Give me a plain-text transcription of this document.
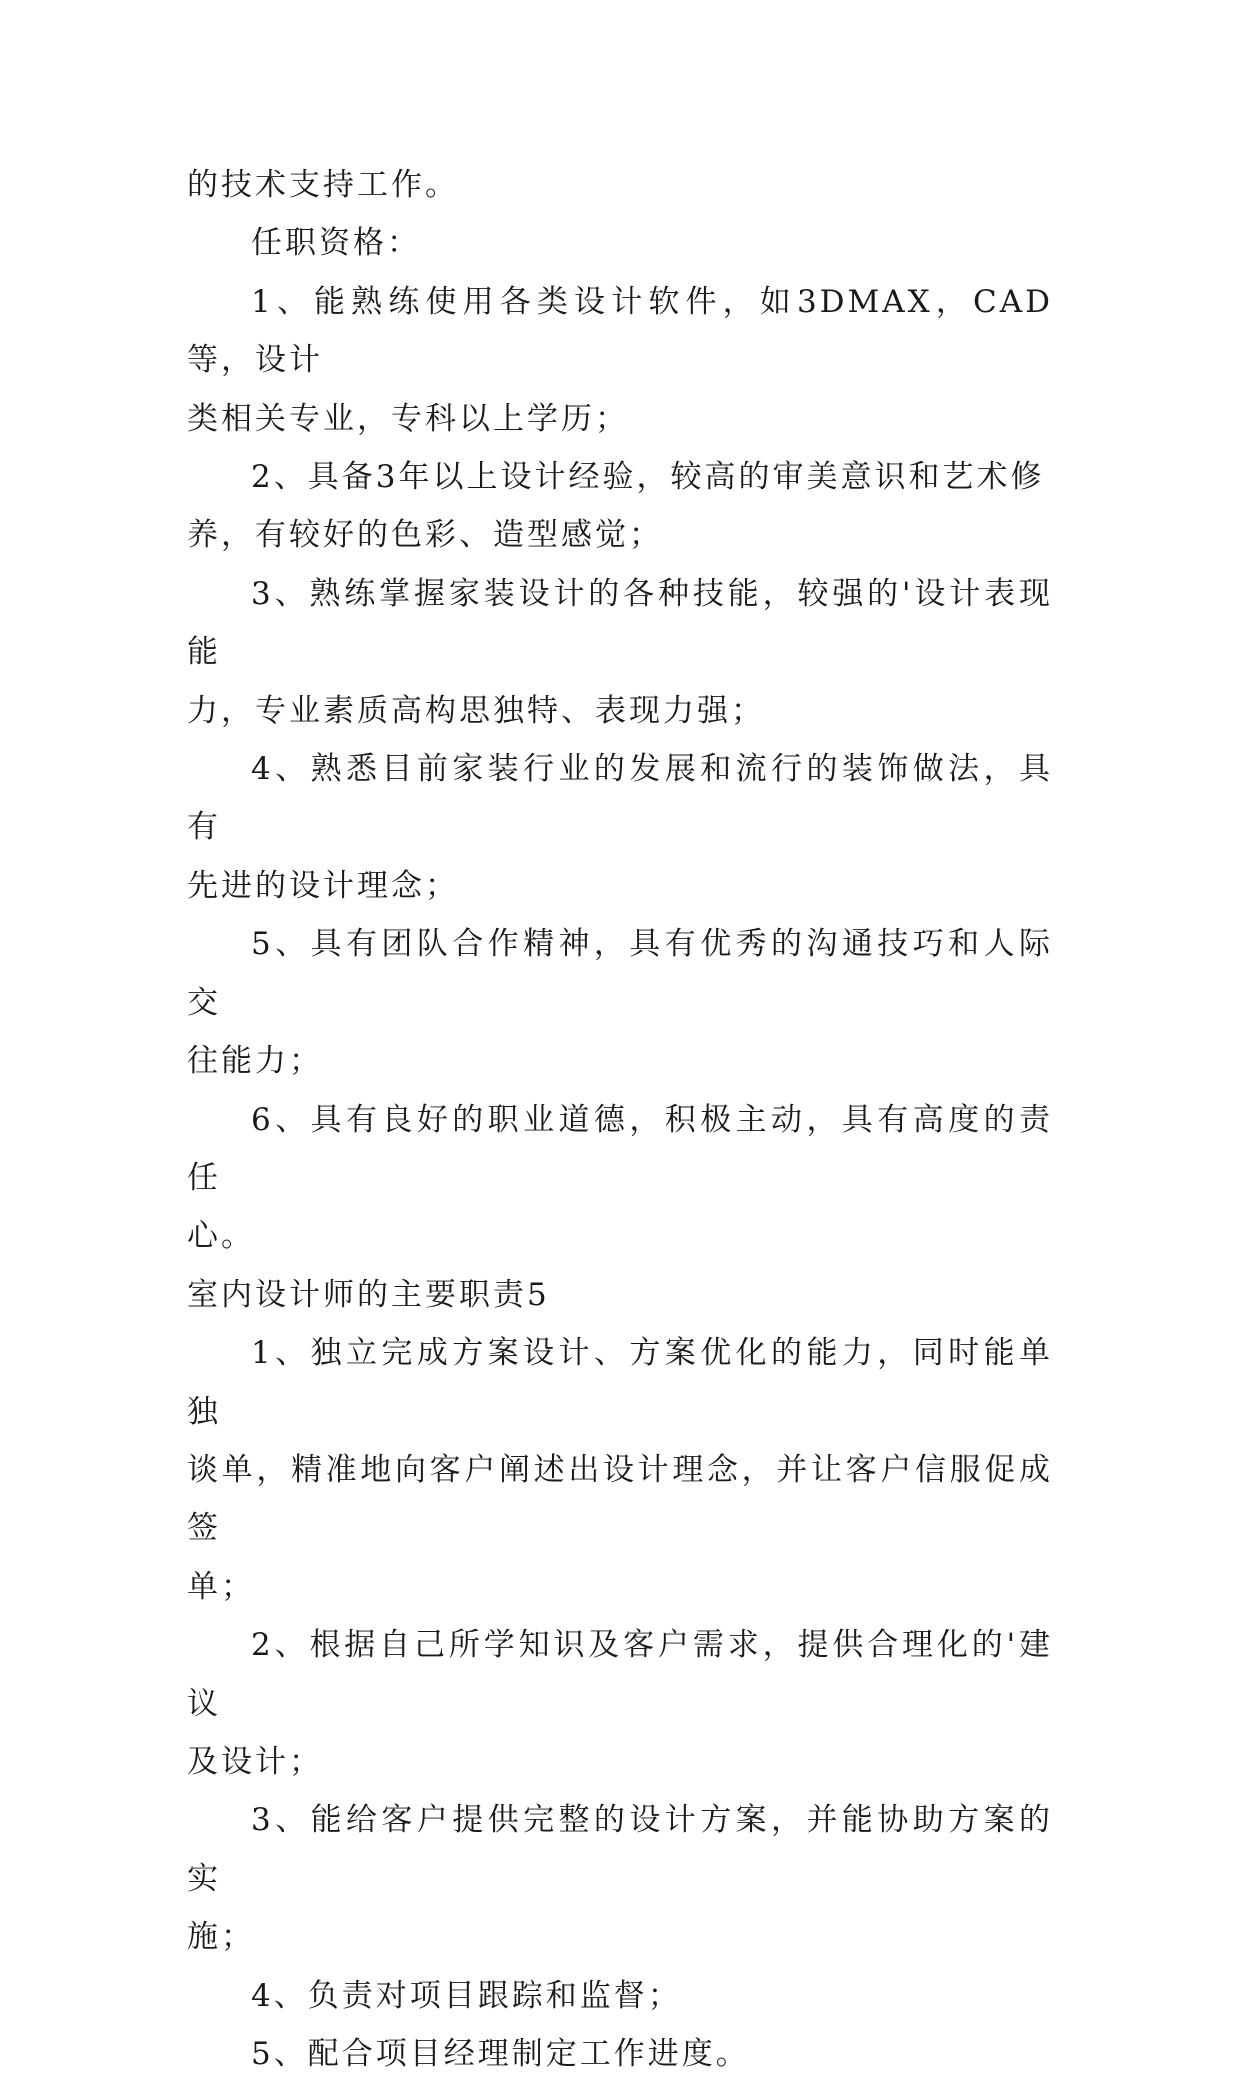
的技术支持工作。
任职资格：
1、能熟练使用各类设计软件，如3DMAX，CAD等，设计
类相关专业，专科以上学历；
2、具备3年以上设计经验，较高的审美意识和艺术修
养，有较好的色彩、造型感觉；
3、熟练掌握家装设计的各种技能，较强的'设计表现能
力，专业素质高构思独特、表现力强；
4、熟悉目前家装行业的发展和流行的装饰做法，具有
先进的设计理念；
5、具有团队合作精神，具有优秀的沟通技巧和人际交
往能力；
6、具有良好的职业道德，积极主动，具有高度的责任
心。
室内设计师的主要职责5
1、独立完成方案设计、方案优化的能力，同时能单独
谈单，精准地向客户阐述出设计理念，并让客户信服促成签
单；
2、根据自己所学知识及客户需求，提供合理化的'建议
及设计；
3、能给客户提供完整的设计方案，并能协助方案的实
施；
4、负责对项目跟踪和监督；
5、配合项目经理制定工作进度。
